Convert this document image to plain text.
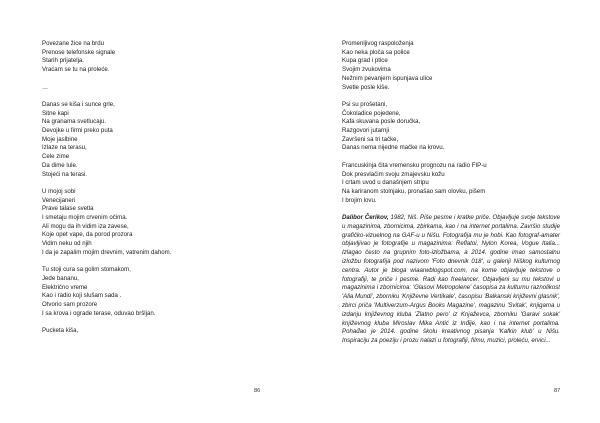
Povezane žice na brdu
Prenose telefonske signale
Starih prijatelja.
Vraćam se tu na proleće.
…
Danas se kiša i sunce grle,
Sitne kapi
Na granama svetlucaju.
Devojke u firmi preko puta
Moje jaslbine
Izlaze na terasu,
Cele zime
Da dime lule.
Stojeći na terasi.
U mojoj sobi
Venecijaneri
Prave talase svetla
I smetaju mojim crvenim očima.
Ali mogu da ih vidim iza zavese,
Koje opet vape, da porod prozora
Vidim neku od njih
I da je zapalim mojim drevnim, vatrenim dahom.
Tu stoji cura sa golim stomakom,
Jede bananu,
Električno vreme
Kao i radio koji slušam sada .
Otvorio sam prozore
I sa krova i ograde terase, oduvao bršljan.
Pucketa kiša,
86
Promenljivog raspoloženja
Kao neka ploča sa police
Kupa grad i ptice
Svojim zvukovima
Nežnim pevanjem ispunjava ulice
Svetle posle kiše.
Psi su prošetani,
Čokoladice pojedene,
Kafa skuvana posle doručka,
Razgovori jutarnji
Završeni sa tri tačke,
Danas nema nijedne mačke na krovu.
Francuskinja čita vremensku prognozu na radio FIP-u
Dok presvlačim svoju zmajevsku kožu
I crtam uvod u današnjem stripu
Na kariranom stolnjaku, pronašao sam olovku, pišem
I brojim lovu.
Dalibor Čerikov, 1982, Niš. Piše pesme i kratke priče. Objavljuje svoje tekstove u magazinima, zbornicima, zbirkama, kao i na internet portalima. Završio studije grafičko-vizuelnog na GAF-u u Nišu. Fotografija mu je hobi. Kao fotograf-amater objavljivao je fotografije u magazinima: Reflatoi, Nylon Korea, Vogue Italia... Izlagao često na grupnim foto-izložbama, a 2014. godine imao samostalnu izložbu fotografija pod nazivom 'Foto dnevnik 018', u galeriji Niškog kulturnog centra. Autor je bloga wiaarwblogspot.com, na kome objavljuje tekstove o fotografiji, te priče i pesme. Radi kao freelancer. Objavljeni su mu tekstovi u magazinima i zbornicima: 'Glasovi Metropolene' časopisa za kulturnu raznolikost 'Alia Mundi', zborniku 'Književne Vertikale', časopisu 'Balkanski književni glasnik', zbirci priča 'Multiverzum-Argus Books Magazine', magazinu 'Svitak', knjigama u izdanju književnog kluba 'Zlatno pero' iz Knjaževca, zborniku 'Garavi sokak' književnog kluba Miroslav Mika Antić iz Inđije, kao i na internet portalima. Pohađao je 2014. godine školu kreativnog pisanja 'Kafkin klub' u Nišu. Inspiraciju za poeziju i prozu nalazi u fotografiji, filmu, muzici, proleću, ervici...
87
